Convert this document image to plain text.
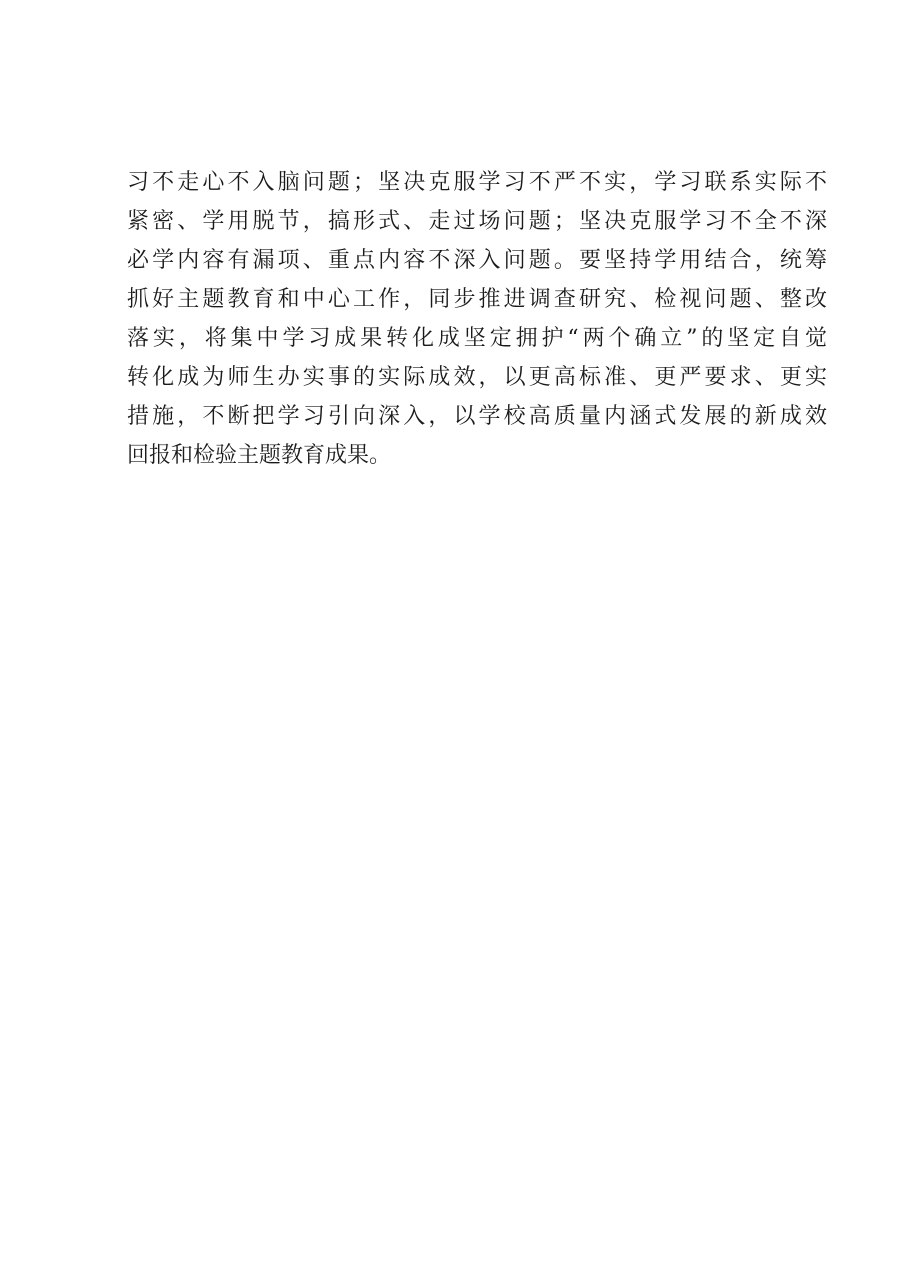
习不走心不入脑问题；坚决克服学习不严不实，学习联系实际不
紧密、学用脱节，搞形式、走过场问题；坚决克服学习不全不深
必学内容有漏项、重点内容不深入问题。要坚持学用结合，统筹
抓好主题教育和中心工作，同步推进调查研究、检视问题、整改
落实，将集中学习成果转化成坚定拥护“两个确立”的坚定自觉
转化成为师生办实事的实际成效，以更高标准、更严要求、更实
措施，不断把学习引向深入，以学校高质量内涵式发展的新成效
回报和检验主题教育成果。
